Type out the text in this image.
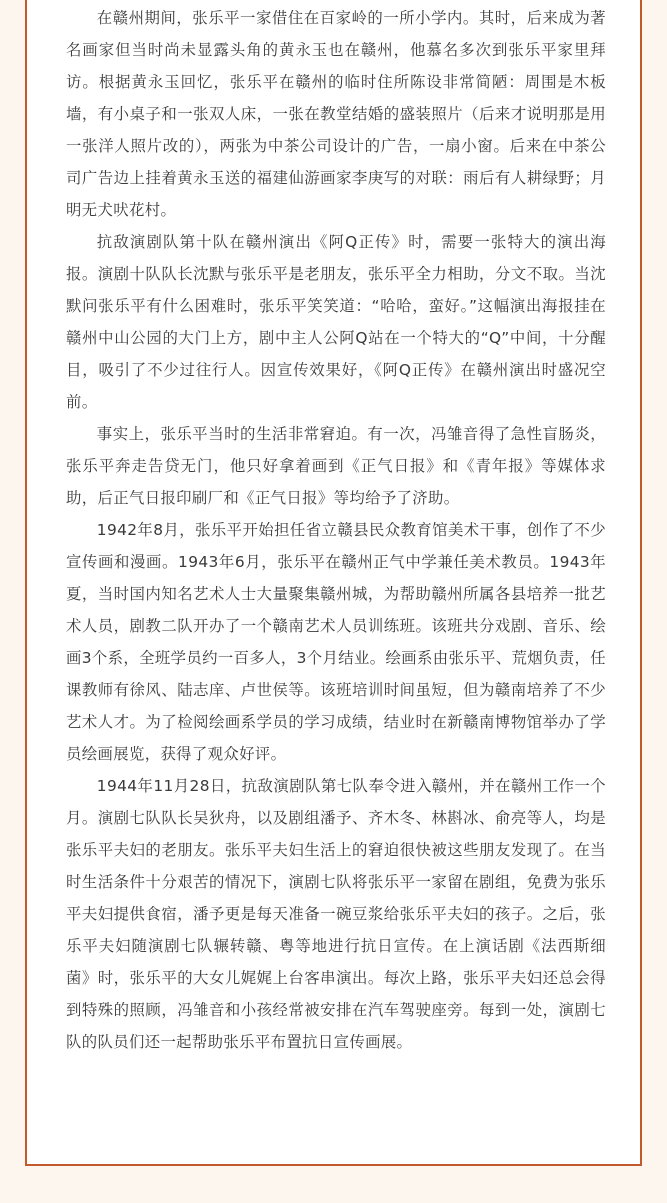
在赣州期间，张乐平一家借住在百家岭的一所小学内。其时，后来成为著名画家但当时尚未显露头角的黄永玉也在赣州，他慕名多次到张乐平家里拜访。根据黄永玉回忆，张乐平在赣州的临时住所陈设非常简陋：周围是木板墙，有小桌子和一张双人床，一张在教堂结婚的盛装照片（后来才说明那是用一张洋人照片改的），两张为中茶公司设计的广告，一扇小窗。后来在中茶公司广告边上挂着黄永玉送的福建仙游画家李庚写的对联：雨后有人耕绿野；月明无犬吠花村。

抗敌演剧队第十队在赣州演出《阿Q正传》时，需要一张特大的演出海报。演剧十队队长沈默与张乐平是老朋友，张乐平全力相助，分文不取。当沈默问张乐平有什么困难时，张乐平笑笑道：“哈哈，蛮好。”这幅演出海报挂在赣州中山公园的大门上方，剧中主人公阿Q站在一个特大的“Q”中间，十分醒目，吸引了不少过往行人。因宣传效果好，《阿Q正传》在赣州演出时盛况空前。

事实上，张乐平当时的生活非常窘迫。有一次，冯雏音得了急性盲肠炎，张乐平奔走告贷无门，他只好拿着画到《正气日报》和《青年报》等媒体求助，后正气日报印刷厂和《正气日报》等均给予了济助。

1942年8月，张乐平开始担任省立赣县民众教育馆美术干事，创作了不少宣传画和漫画。1943年6月，张乐平在赣州正气中学兼任美术教员。1943年夏，当时国内知名艺术人士大量聚集赣州城，为帮助赣州所属各县培养一批艺术人员，剧教二队开办了一个赣南艺术人员训练班。该班共分戏剧、音乐、绘画3个系，全班学员约一百多人，3个月结业。绘画系由张乐平、荒烟负责，任课教师有徐风、陆志庠、卢世侯等。该班培训时间虽短，但为赣南培养了不少艺术人才。为了检阅绘画系学员的学习成绩，结业时在新赣南博物馆举办了学员绘画展览，获得了观众好评。

1944年11月28日，抗敌演剧队第七队奉令进入赣州，并在赣州工作一个月。演剧七队队长吴狄舟，以及剧组潘予、齐木冬、林斟冰、俞亮等人，均是张乐平夫妇的老朋友。张乐平夫妇生活上的窘迫很快被这些朋友发现了。在当时生活条件十分艰苦的情况下，演剧七队将张乐平一家留在剧组，免费为张乐平夫妇提供食宿，潘予更是每天准备一碗豆浆给张乐平夫妇的孩子。之后，张乐平夫妇随演剧七队辗转赣、粤等地进行抗日宣传。在上演话剧《法西斯细菌》时，张乐平的大女儿娓娓上台客串演出。每次上路，张乐平夫妇还总会得到特殊的照顾，冯雏音和小孩经常被安排在汽车驾驶座旁。每到一处，演剧七队的队员们还一起帮助张乐平布置抗日宣传画展。
